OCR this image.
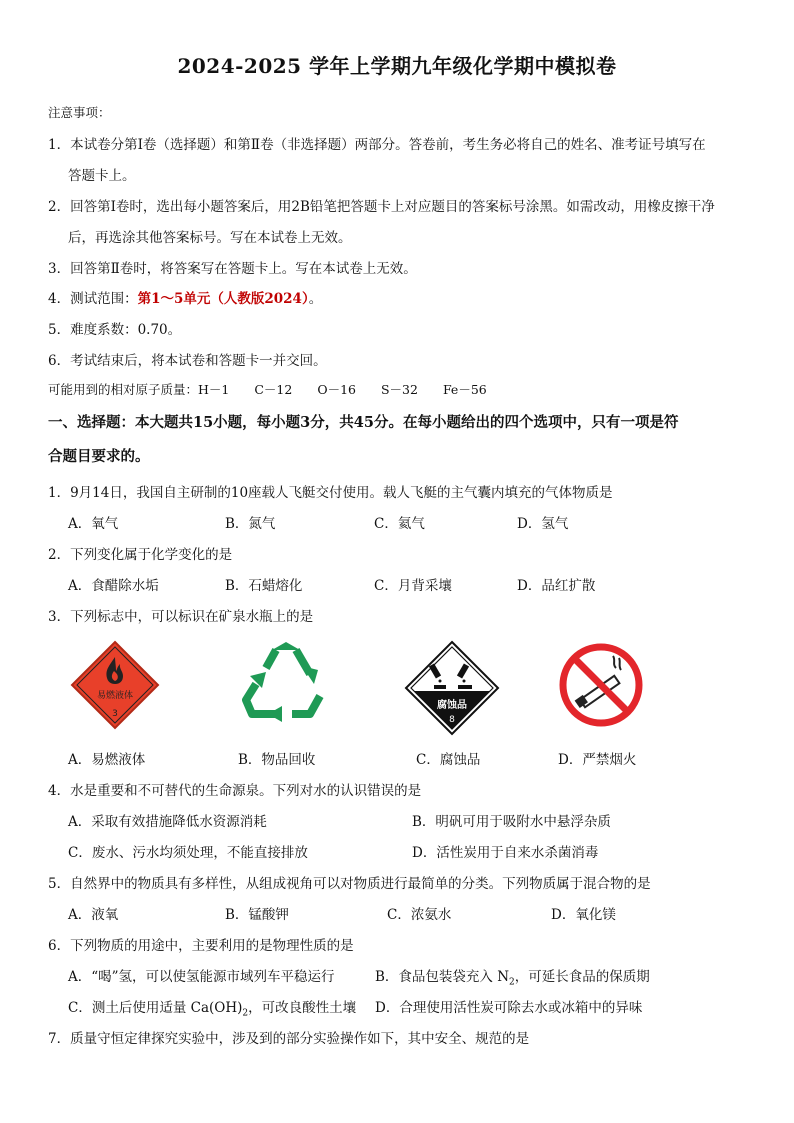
2024-2025 学年上学期九年级化学期中模拟卷
注意事项：
1．本试卷分第Ⅰ卷（选择题）和第Ⅱ卷（非选择题）两部分。答卷前，考生务必将自己的姓名、准考证号填写在
答题卡上。
2．回答第Ⅰ卷时，选出每小题答案后，用2B铅笔把答题卡上对应题目的答案标号涂黑。如需改动，用橡皮擦干净
后，再选涂其他答案标号。写在本试卷上无效。
3．回答第Ⅱ卷时，将答案写在答题卡上。写在本试卷上无效。
4．测试范围：第1～5单元（人教版2024）。
5．难度系数：0.70。
6．考试结束后，将本试卷和答题卡一并交回。
可能用到的相对原子质量：H－1　　C－12　　O－16　　S－32　　Fe－56
一、选择题：本大题共15小题，每小题3分，共45分。在每小题给出的四个选项中，只有一项是符
合题目要求的。
1．9月14日，我国自主研制的10座载人飞艇交付使用。载人飞艇的主气囊内填充的气体物质是
A．氧气	B．氮气	C．氦气	D．氢气
2．下列变化属于化学变化的是
A．食醋除水垢	B．石蜡熔化	C．月背采壤	D．品红扩散
3．下列标志中，可以标识在矿泉水瓶上的是
易燃液体
3
腐蚀品
8
A．易燃液体	B．物品回收	C．腐蚀品	D．严禁烟火
4．水是重要和不可替代的生命源泉。下列对水的认识错误的是
A．采取有效措施降低水资源消耗	B．明矾可用于吸附水中悬浮杂质
C．废水、污水均须处理，不能直接排放	D．活性炭用于自来水杀菌消毒
5．自然界中的物质具有多样性，从组成视角可以对物质进行最简单的分类。下列物质属于混合物的是
A．液氧	B．锰酸钾	C．浓氨水	D．氧化镁
6．下列物质的用途中，主要利用的是物理性质的是
A．“喝”氢，可以使氢能源市域列车平稳运行	B．食品包装袋充入 $N_2$，可延长食品的保质期
C．测土后使用适量 $Ca(OH)_2$，可改良酸性土壤 D．合理使用活性炭可除去水或冰箱中的异味
7．质量守恒定律探究实验中，涉及到的部分实验操作如下，其中安全、规范的是
